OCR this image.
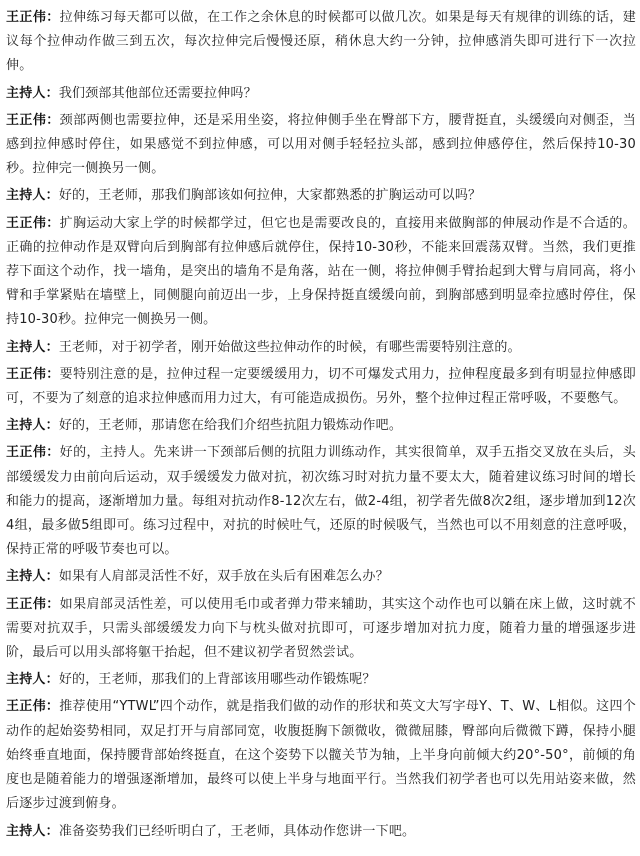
王正伟：拉伸练习每天都可以做，在工作之余休息的时候都可以做几次。如果是每天有规律的训练的话，建议每个拉伸动作做三到五次，每次拉伸完后慢慢还原，稍休息大约一分钟，拉伸感消失即可进行下一次拉伸。

主持人：我们颈部其他部位还需要拉伸吗？

王正伟：颈部两侧也需要拉伸，还是采用坐姿，将拉伸侧手坐在臀部下方，腰背挺直，头缓缓向对侧歪，当感到拉伸感时停住，如果感觉不到拉伸感，可以用对侧手轻轻拉头部，感到拉伸感停住，然后保持10-30秒。拉伸完一侧换另一侧。

主持人：好的，王老师，那我们胸部该如何拉伸，大家都熟悉的扩胸运动可以吗？

王正伟：扩胸运动大家上学的时候都学过，但它也是需要改良的，直接用来做胸部的伸展动作是不合适的。正确的拉伸动作是双臂向后到胸部有拉伸感后就停住，保持10-30秒，不能来回震荡双臂。当然，我们更推荐下面这个动作，找一墙角，是突出的墙角不是角落，站在一侧，将拉伸侧手臂抬起到大臂与肩同高，将小臂和手掌紧贴在墙壁上，同侧腿向前迈出一步，上身保持挺直缓缓向前，到胸部感到明显牵拉感时停住，保持10-30秒。拉伸完一侧换另一侧。

主持人：王老师，对于初学者，刚开始做这些拉伸动作的时候，有哪些需要特别注意的。

王正伟：要特别注意的是，拉伸过程一定要缓缓用力，切不可爆发式用力，拉伸程度最多到有明显拉伸感即可，不要为了刻意的追求拉伸感而用力过大，有可能造成损伤。另外，整个拉伸过程正常呼吸，不要憋气。

主持人：好的，王老师，那请您在给我们介绍些抗阻力锻炼动作吧。

王正伟：好的，主持人。先来讲一下颈部后侧的抗阻力训练动作，其实很简单，双手五指交叉放在头后，头部缓缓发力由前向后运动，双手缓缓发力做对抗，初次练习时对抗力量不要太大，随着建议练习时间的增长和能力的提高，逐渐增加力量。每组对抗动作8-12次左右，做2-4组，初学者先做8次2组，逐步增加到12次4组，最多做5组即可。练习过程中，对抗的时候吐气，还原的时候吸气，当然也可以不用刻意的注意呼吸，保持正常的呼吸节奏也可以。

主持人：如果有人肩部灵活性不好，双手放在头后有困难怎么办？

王正伟：如果肩部灵活性差，可以使用毛巾或者弹力带来辅助，其实这个动作也可以躺在床上做，这时就不需要对抗双手，只需头部缓缓发力向下与枕头做对抗即可，可逐步增加对抗力度，随着力量的增强逐步进阶，最后可以用头部将躯干抬起，但不建议初学者贸然尝试。

主持人：好的，王老师，那我们的上背部该用哪些动作锻炼呢？

王正伟：推荐使用“YTWL”四个动作，就是指我们做的动作的形状和英文大写字母Y、T、W、L相似。这四个动作的起始姿势相同，双足打开与肩部同宽，收腹挺胸下颌微收，微微屈膝，臀部向后微微下蹲，保持小腿始终垂直地面，保持腰背部始终挺直，在这个姿势下以髋关节为轴，上半身向前倾大约20°-50°，前倾的角度也是随着能力的增强逐渐增加，最终可以使上半身与地面平行。当然我们初学者也可以先用站姿来做，然后逐步过渡到俯身。

主持人：准备姿势我们已经听明白了，王老师，具体动作您讲一下吧。
